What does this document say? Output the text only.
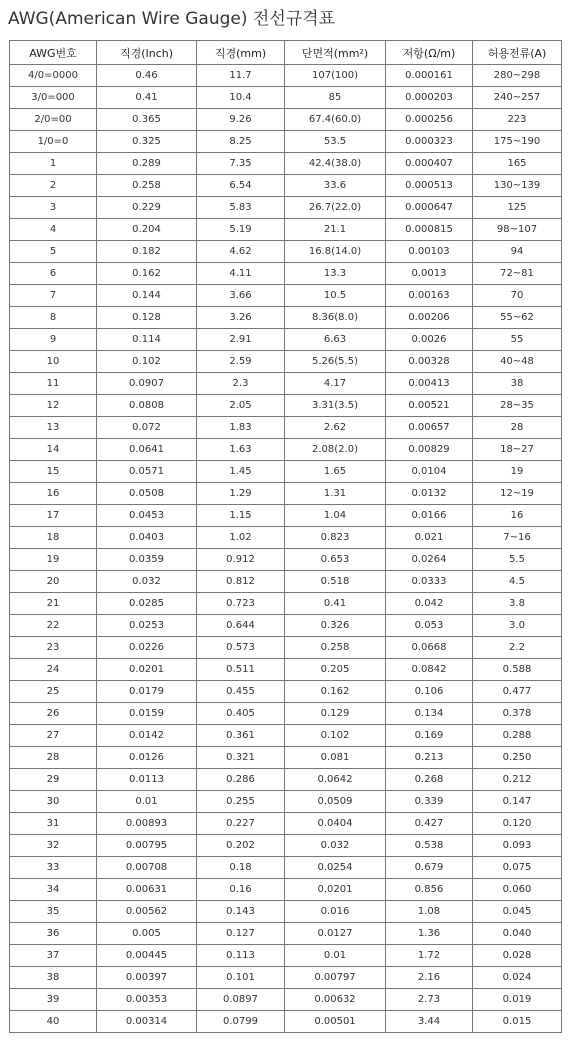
AWG(American Wire Gauge) 전선규격표
AWG번호	직경(Inch)	직경(mm)	단면적(mm²)	저항(Ω/m)	허용전류(A)
4/0=0000	0.46	11.7	107(100)	0.000161	280~298
3/0=000	0.41	10.4	85	0.000203	240~257
2/0=00	0.365	9.26	67.4(60.0)	0.000256	223
1/0=0	0.325	8.25	53.5	0.000323	175~190
1	0.289	7.35	42.4(38.0)	0.000407	165
2	0.258	6.54	33.6	0.000513	130~139
3	0.229	5.83	26.7(22.0)	0.000647	125
4	0.204	5.19	21.1	0.000815	98~107
5	0.182	4.62	16.8(14.0)	0.00103	94
6	0.162	4.11	13.3	0.0013	72~81
7	0.144	3.66	10.5	0.00163	70
8	0.128	3.26	8.36(8.0)	0.00206	55~62
9	0.114	2.91	6.63	0.0026	55
10	0.102	2.59	5.26(5.5)	0.00328	40~48
11	0.0907	2.3	4.17	0.00413	38
12	0.0808	2.05	3.31(3.5)	0.00521	28~35
13	0.072	1.83	2.62	0.00657	28
14	0.0641	1.63	2.08(2.0)	0.00829	18~27
15	0.0571	1.45	1.65	0.0104	19
16	0.0508	1.29	1.31	0.0132	12~19
17	0.0453	1.15	1.04	0.0166	16
18	0.0403	1.02	0.823	0.021	7~16
19	0.0359	0.912	0.653	0.0264	5.5
20	0.032	0.812	0.518	0.0333	4.5
21	0.0285	0.723	0.41	0.042	3.8
22	0.0253	0.644	0.326	0.053	3.0
23	0.0226	0.573	0.258	0.0668	2.2
24	0.0201	0.511	0.205	0.0842	0.588
25	0.0179	0.455	0.162	0.106	0.477
26	0.0159	0.405	0.129	0.134	0.378
27	0.0142	0.361	0.102	0.169	0.288
28	0.0126	0.321	0.081	0.213	0.250
29	0.0113	0.286	0.0642	0.268	0.212
30	0.01	0.255	0.0509	0.339	0.147
31	0.00893	0.227	0.0404	0.427	0.120
32	0.00795	0.202	0.032	0.538	0.093
33	0.00708	0.18	0.0254	0.679	0.075
34	0.00631	0.16	0.0201	0.856	0.060
35	0.00562	0.143	0.016	1.08	0.045
36	0.005	0.127	0.0127	1.36	0.040
37	0.00445	0.113	0.01	1.72	0.028
38	0.00397	0.101	0.00797	2.16	0.024
39	0.00353	0.0897	0.00632	2.73	0.019
40	0.00314	0.0799	0.00501	3.44	0.015
